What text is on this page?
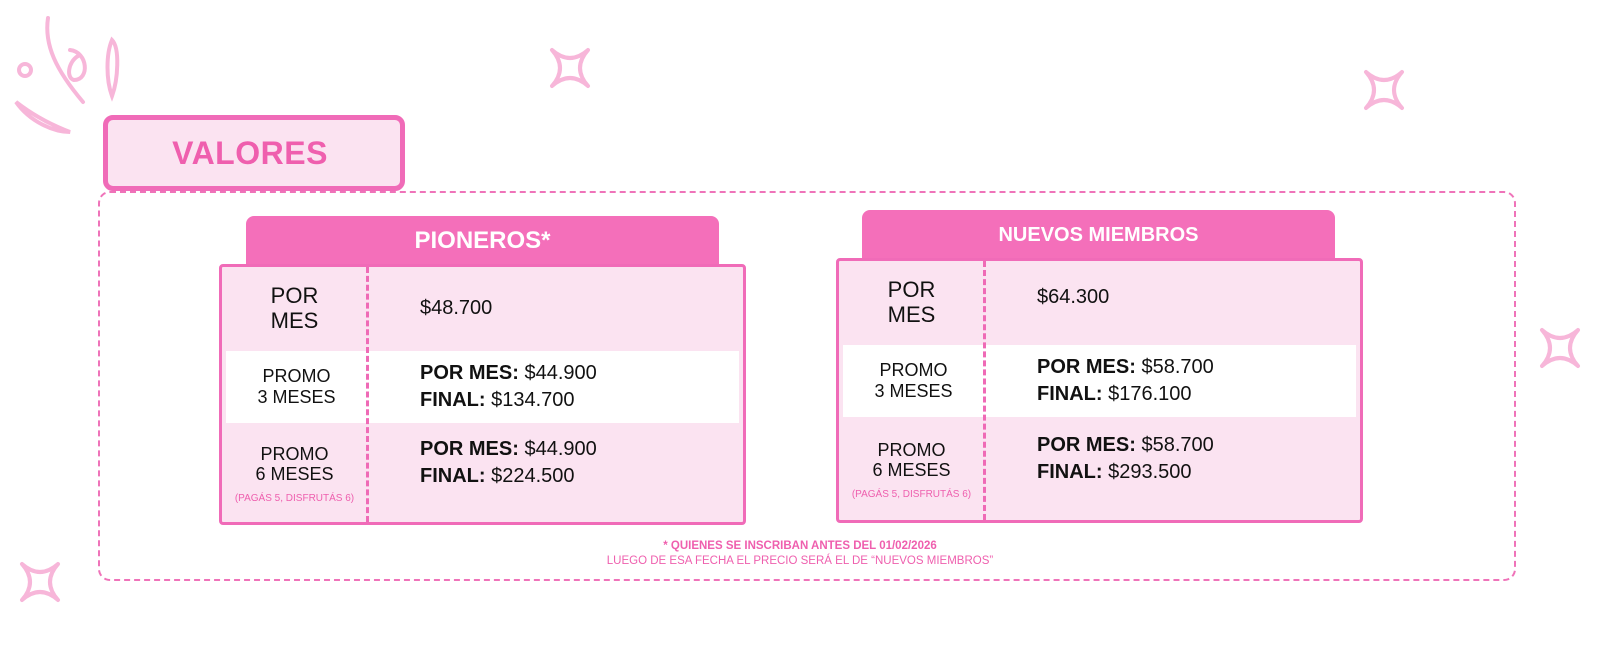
VALORES
PIONEROS*
POR
MES
$48.700
PROMO
3 MESES
POR MES: $44.900
FINAL: $134.700
PROMO
6 MESES
(PAGÁS 5, DISFRUTÁS 6)
POR MES: $44.900
FINAL: $224.500
NUEVOS MIEMBROS
POR
MES
$64.300
PROMO
3 MESES
POR MES: $58.700
FINAL: $176.100
PROMO
6 MESES
(PAGÁS 5, DISFRUTÁS 6)
POR MES: $58.700
FINAL: $293.500
* QUIENES SE INSCRIBAN ANTES DEL 01/02/2026
LUEGO DE ESA FECHA EL PRECIO SERÁ EL DE “NUEVOS MIEMBROS”
